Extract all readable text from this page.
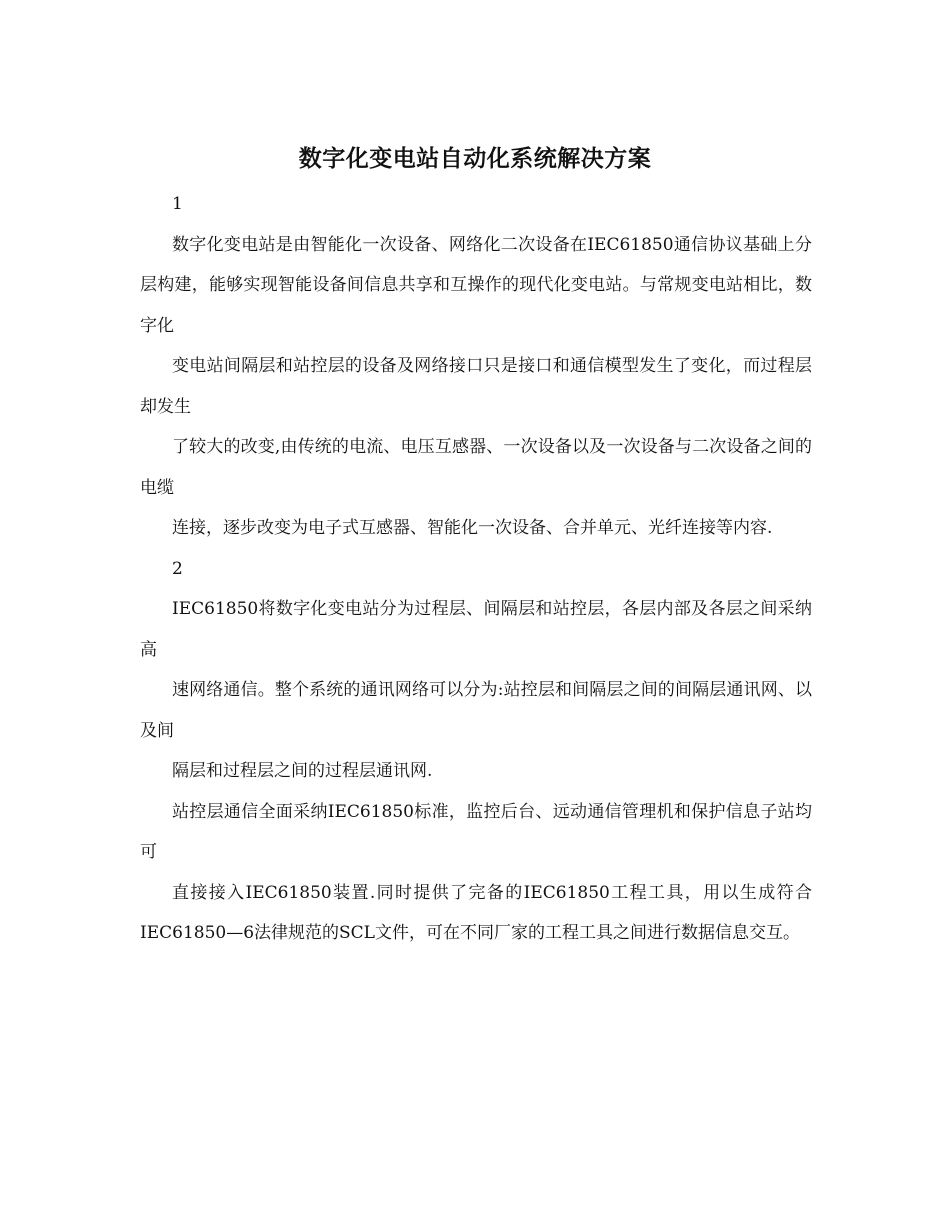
数字化变电站自动化系统解决方案

1

数字化变电站是由智能化一次设备、网络化二次设备在IEC61850通信协议基础上分层构建，能够实现智能设备间信息共享和互操作的现代化变电站。与常规变电站相比，数字化

变电站间隔层和站控层的设备及网络接口只是接口和通信模型发生了变化，而过程层却发生

了较大的改变,由传统的电流、电压互感器、一次设备以及一次设备与二次设备之间的电缆

连接，逐步改变为电子式互感器、智能化一次设备、合并单元、光纤连接等内容.

2

IEC61850将数字化变电站分为过程层、间隔层和站控层，各层内部及各层之间采纳高

速网络通信。整个系统的通讯网络可以分为:站控层和间隔层之间的间隔层通讯网、以及间

隔层和过程层之间的过程层通讯网.

站控层通信全面采纳IEC61850标准，监控后台、远动通信管理机和保护信息子站均可

直接接入IEC61850装置.同时提供了完备的IEC61850工程工具，用以生成符合IEC61850—6法律规范的SCL文件，可在不同厂家的工程工具之间进行数据信息交互。
